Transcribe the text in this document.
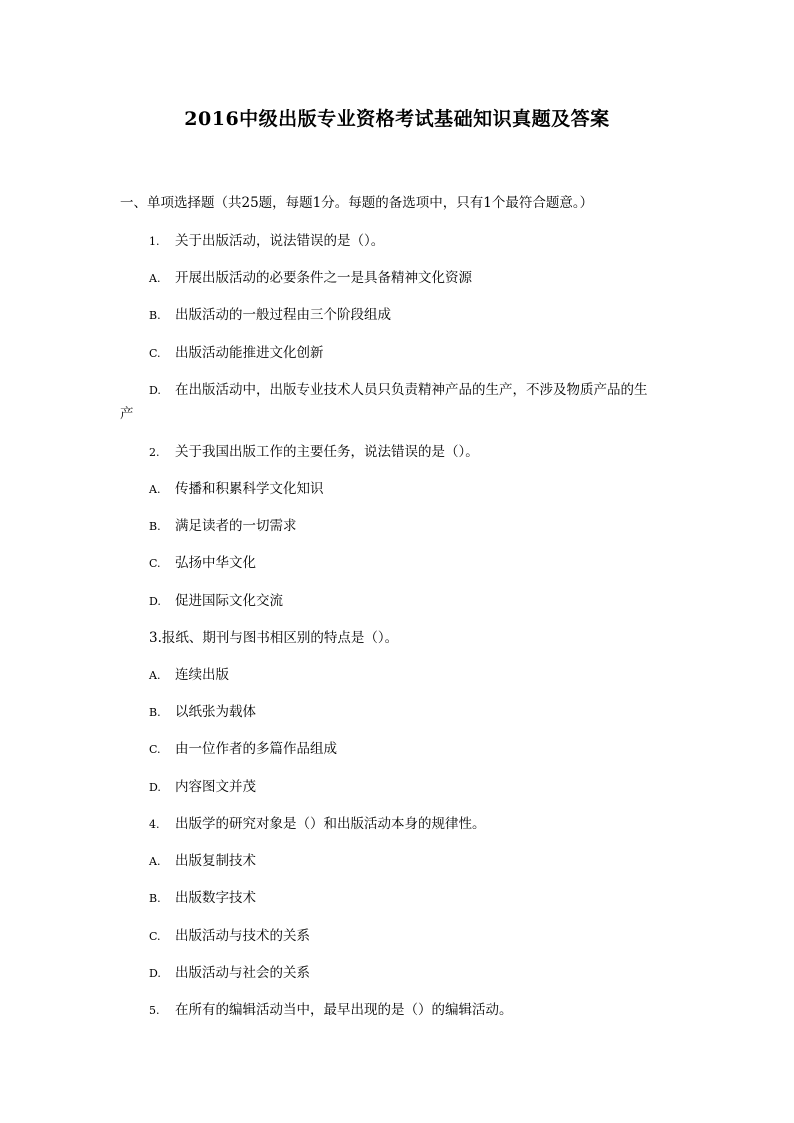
2016中级出版专业资格考试基础知识真题及答案
一、单项选择题（共25题，每题1分。每题的备选项中，只有1个最符合题意。）
1. 关于出版活动，说法错误的是（）。
A. 开展出版活动的必要条件之一是具备精神文化资源
B. 出版活动的一般过程由三个阶段组成
C. 出版活动能推进文化创新
D. 在出版活动中，出版专业技术人员只负责精神产品的生产，不涉及物质产品的生
产
2. 关于我国出版工作的主要任务，说法错误的是（）。
A. 传播和积累科学文化知识
B. 满足读者的一切需求
C. 弘扬中华文化
D. 促进国际文化交流
3.报纸、期刊与图书相区别的特点是（）。
A. 连续出版
B. 以纸张为载体
C. 由一位作者的多篇作品组成
D. 内容图文并茂
4. 出版学的研究对象是（）和出版活动本身的规律性。
A. 出版复制技术
B. 出版数字技术
C. 出版活动与技术的关系
D. 出版活动与社会的关系
5. 在所有的编辑活动当中，最早出现的是（）的编辑活动。
